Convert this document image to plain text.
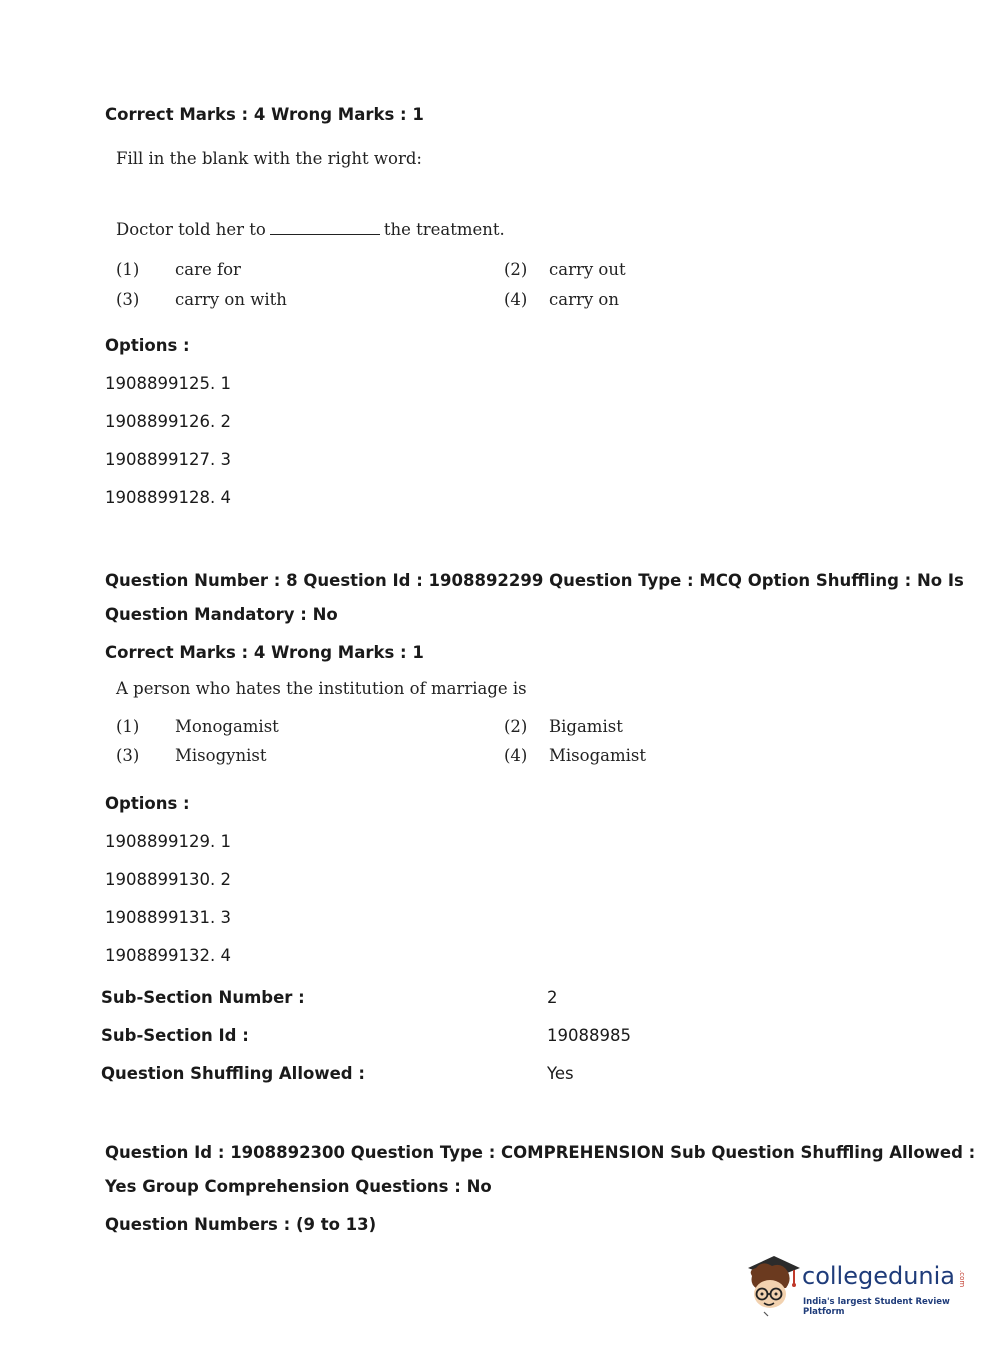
Correct Marks : 4 Wrong Marks : 1
Fill in the blank with the right word:
Doctor told her to	the treatment.
(1) care for	(2) carry out
(3) carry on with	(4) carry on
Options :
1908899125. 1
1908899126. 2
1908899127. 3
1908899128. 4
Question Number : 8 Question Id : 1908892299 Question Type : MCQ Option Shuffling : No Is
Question Mandatory : No
Correct Marks : 4 Wrong Marks : 1
A person who hates the institution of marriage is
(1) Monogamist	(2) Bigamist
(3) Misogynist	(4) Misogamist
Options :
1908899129. 1
1908899130. 2
1908899131. 3
1908899132. 4
Sub-Section Number :	2
Sub-Section Id :	19088985
Question Shuffling Allowed :	Yes
Question Id : 1908892300 Question Type : COMPREHENSION Sub Question Shuffling Allowed :
Yes Group Comprehension Questions : No
Question Numbers : (9 to 13)
collegedunia .com
India's largest Student Review Platform
